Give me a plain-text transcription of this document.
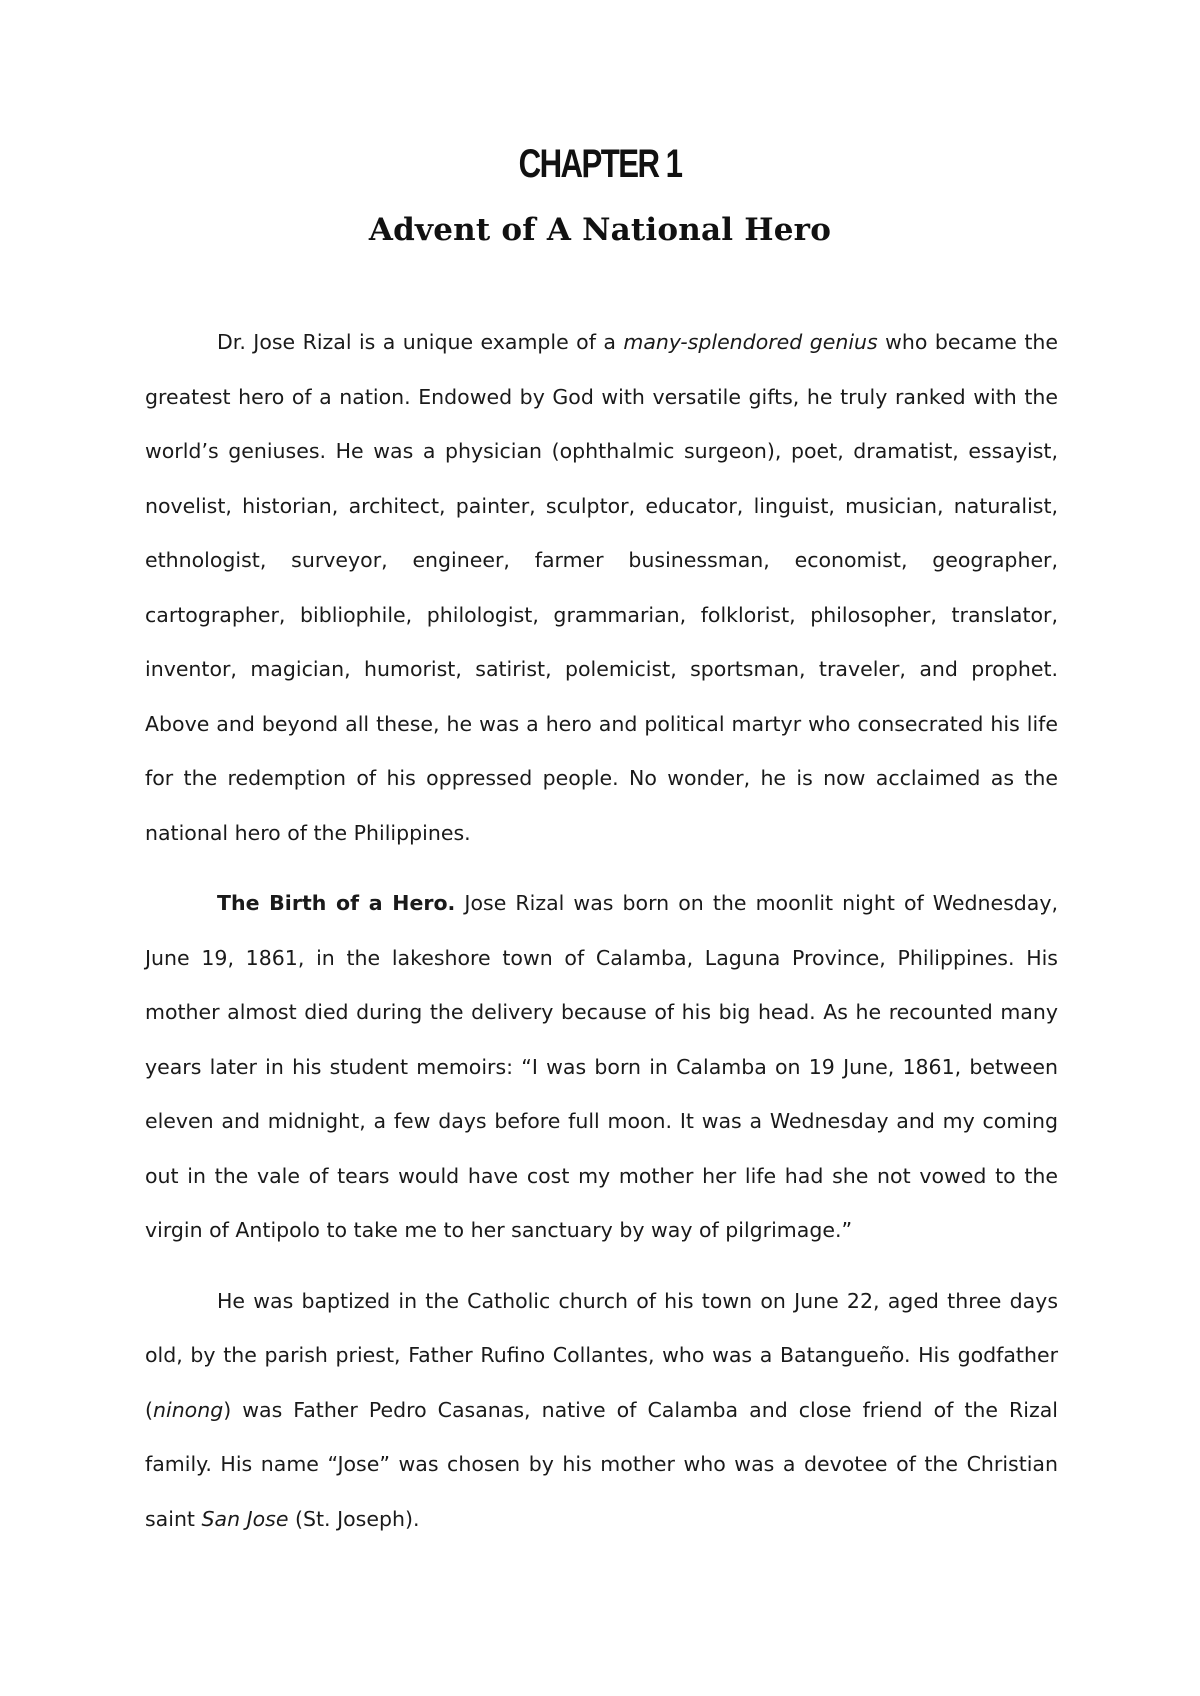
CHAPTER 1
Advent of A National Hero

Dr. Jose Rizal is a unique example of a many-splendored genius who became the greatest hero of a nation. Endowed by God with versatile gifts, he truly ranked with the world’s geniuses. He was a physician (ophthalmic surgeon), poet, dramatist, essayist, novelist, historian, architect, painter, sculptor, educator, linguist, musician, naturalist, ethnologist, surveyor, engineer, farmer businessman, economist, geographer, cartographer, bibliophile, philologist, grammarian, folklorist, philosopher, translator, inventor, magician, humorist, satirist, polemicist, sportsman, traveler, and prophet. Above and beyond all these, he was a hero and political martyr who consecrated his life for the redemption of his oppressed people. No wonder, he is now acclaimed as the national hero of the Philippines.

The Birth of a Hero. Jose Rizal was born on the moonlit night of Wednesday, June 19, 1861, in the lakeshore town of Calamba, Laguna Province, Philippines. His mother almost died during the delivery because of his big head. As he recounted many years later in his student memoirs: “I was born in Calamba on 19 June, 1861, between eleven and midnight, a few days before full moon. It was a Wednesday and my coming out in the vale of tears would have cost my mother her life had she not vowed to the virgin of Antipolo to take me to her sanctuary by way of pilgrimage.”

He was baptized in the Catholic church of his town on June 22, aged three days old, by the parish priest, Father Rufino Collantes, who was a Batangueño. His godfather (ninong) was Father Pedro Casanas, native of Calamba and close friend of the Rizal family. His name “Jose” was chosen by his mother who was a devotee of the Christian saint San Jose (St. Joseph).
